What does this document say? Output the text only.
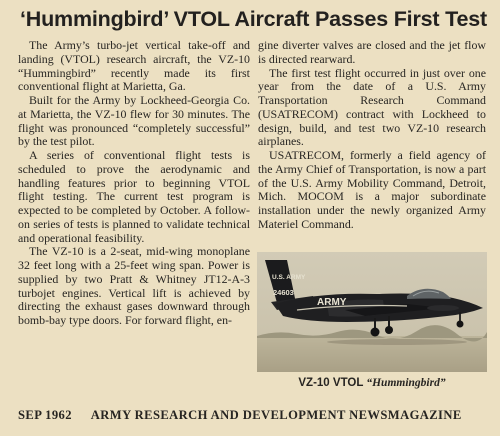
‘Hummingbird’ VTOL Aircraft Passes First Test

The Army’s turbo-jet vertical take-off and landing (VTOL) research aircraft, the VZ-10 “Hummingbird” recently made its first conventional flight at Marietta, Ga.

Built for the Army by Lockheed-Georgia Co. at Marietta, the VZ-10 flew for 30 minutes. The flight was pronounced “completely successful” by the test pilot.

A series of conventional flight tests is scheduled to prove the aerodynamic and handling features prior to beginning VTOL flight testing. The current test program is expected to be completed by October. A follow-on series of tests is planned to validate technical and operational feasibility.

The VZ-10 is a 2-seat, mid-wing monoplane 32 feet long with a 25-feet wing span. Power is supplied by two Pratt & Whitney JT12-A-3 turbojet engines. Vertical lift is achieved by directing the exhaust gases downward through bomb-bay type doors. For forward flight, en-

gine diverter valves are closed and the jet flow is directed rearward.

The first test flight occurred in just over one year from the date of a U.S. Army Transportation Research Command (USATRECOM) contract with Lockheed to design, build, and test two VZ-10 research airplanes.

USATRECOM, formerly a field agency of the Army Chief of Transportation, is now a part of the U.S. Army Mobility Command, Detroit, Mich. MOCOM is a major subordinate installation under the newly organized Army Materiel Command.

U.S. ARMY
24603
ARMY
VZ-10 VTOL “Hummingbird”
SEP 1962 ARMY RESEARCH AND DEVELOPMENT NEWSMAGAZINE
